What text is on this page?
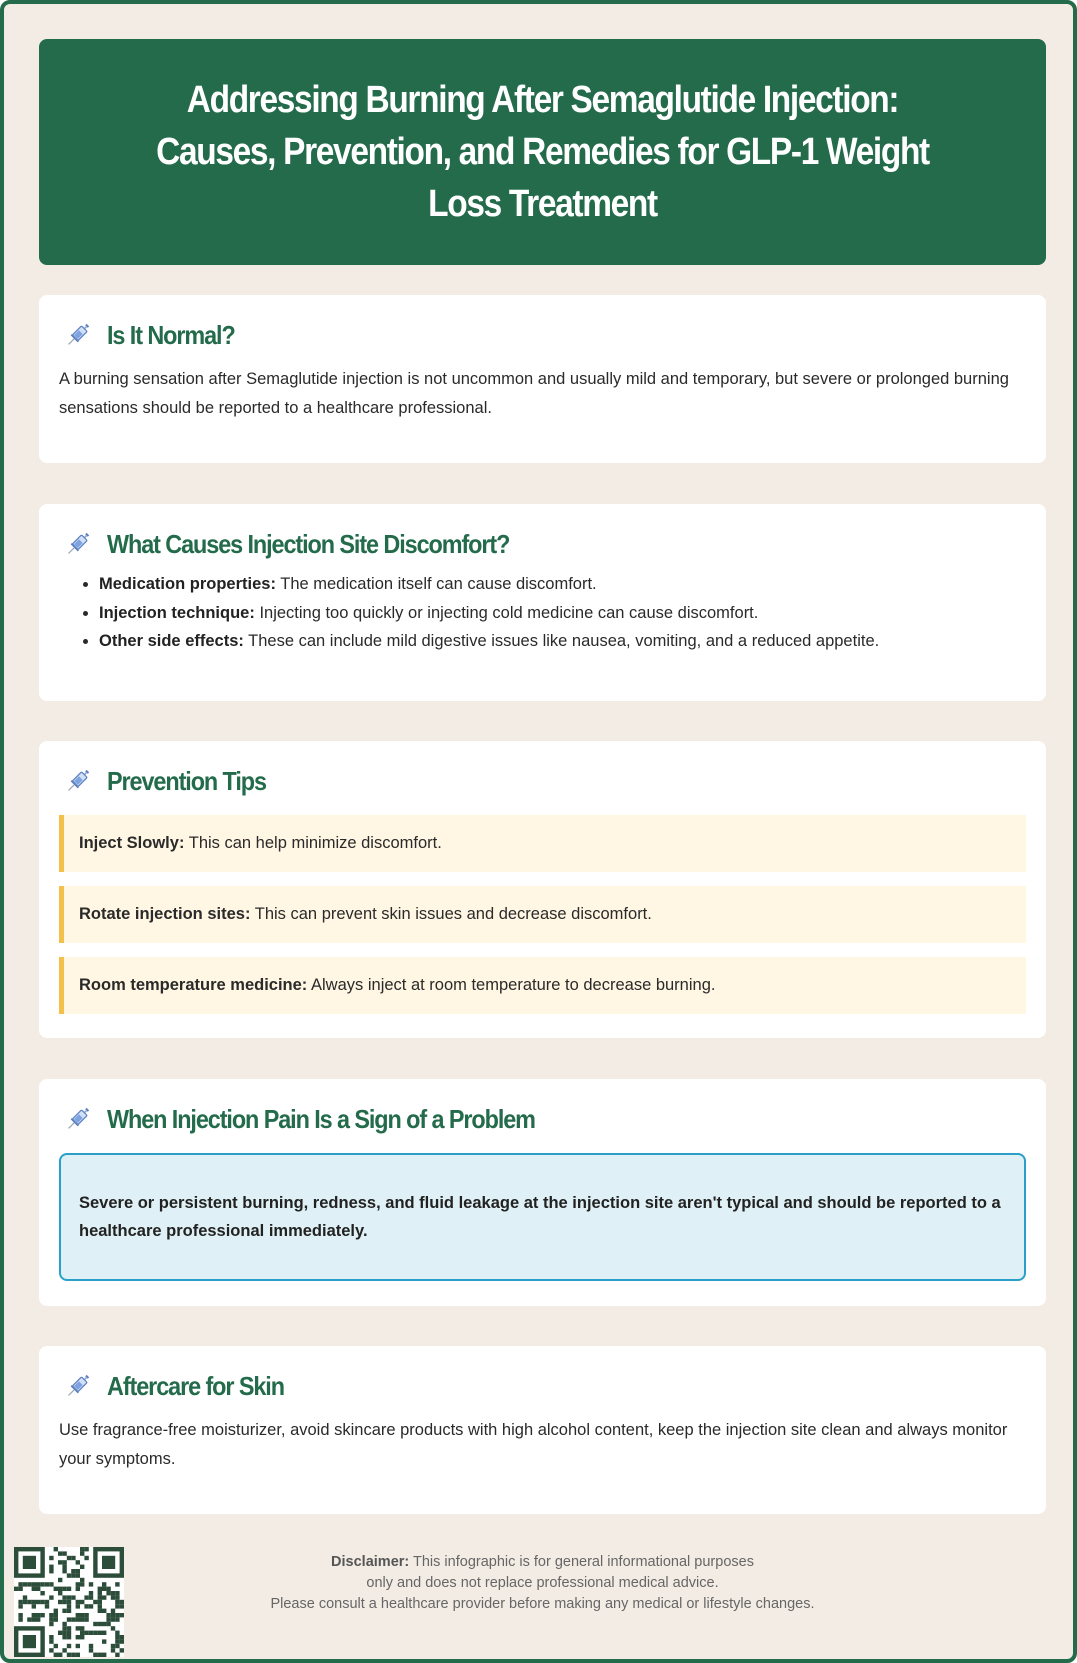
Addressing Burning After Semaglutide Injection: Causes, Prevention, and Remedies for GLP-1 Weight Loss Treatment
Is It Normal?

A burning sensation after Semaglutide injection is not uncommon and usually mild and temporary, but severe or prolonged burning sensations should be reported to a healthcare professional.

What Causes Injection Site Discomfort?
• Medication properties: The medication itself can cause discomfort.
• Injection technique: Injecting too quickly or injecting cold medicine can cause discomfort.
• Other side effects: These can include mild digestive issues like nausea, vomiting, and a reduced appetite.
Prevention Tips
Inject Slowly: This can help minimize discomfort.
Rotate injection sites: This can prevent skin issues and decrease discomfort.
Room temperature medicine: Always inject at room temperature to decrease burning.
When Injection Pain Is a Sign of a Problem
Severe or persistent burning, redness, and fluid leakage at the injection site aren't typical and should be reported to a healthcare professional immediately.
Aftercare for Skin

Use fragrance-free moisturizer, avoid skincare products with high alcohol content, keep the injection site clean and always monitor your symptoms.

Disclaimer: This infographic is for general informational purposes
only and does not replace professional medical advice.
Please consult a healthcare provider before making any medical or lifestyle changes.
